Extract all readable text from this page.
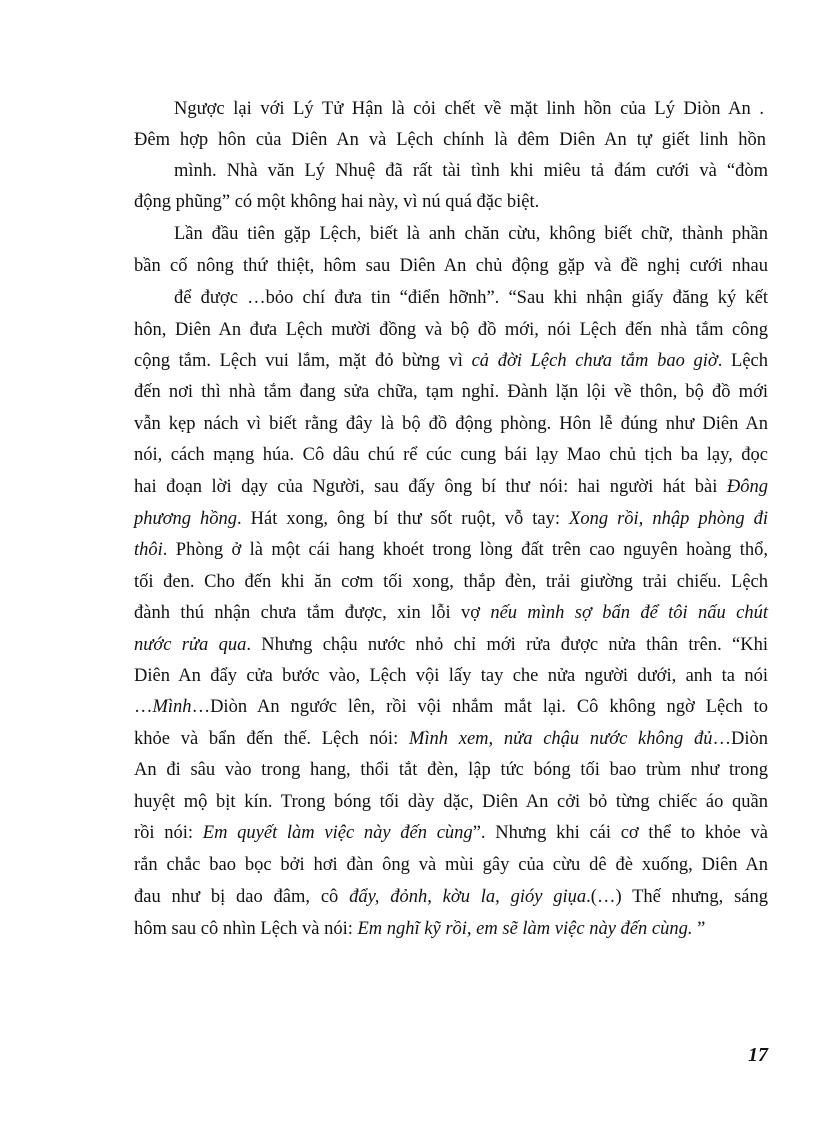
Ngược lại với Lý Tử Hận là cỏi chết về mặt linh hồn của Lý Diòn An .
Đêm hợp hôn của Diên An và Lệch chính là đêm Diên An tự giết linh hồn
mình. Nhà văn Lý Nhuệ đã rất tài tình khi miêu tả đám cưới và “đòm
động phũng” có một không hai này, vì nú quá đặc biệt.
Lần đầu tiên gặp Lệch, biết là anh chăn cừu, không biết chữ, thành phần
bần cố nông thứ thiệt, hôm sau Diên An chủ động gặp và đề nghị cưới nhau
để được …bỏo chí đưa tin “điển hỡnh”. “Sau khi nhận giấy đăng ký kết
hôn, Diên An đưa Lệch mười đồng và bộ đồ mới, nói Lệch đến nhà tắm công
cộng tắm. Lệch vui lắm, mặt đỏ bừng vì cả đời Lệch chưa tắm bao giờ. Lệch
đến nơi thì nhà tắm đang sửa chữa, tạm nghỉ. Đành lặn lội về thôn, bộ đồ mới
vẫn kẹp nách vì biết rằng đây là bộ đồ động phòng. Hôn lễ đúng như Diên An
nói, cách mạng húa. Cô dâu chú rể cúc cung bái lạy Mao chủ tịch ba lạy, đọc
hai đoạn lời dạy của Người, sau đấy ông bí thư nói: hai người hát bài Đông
phương hồng. Hát xong, ông bí thư sốt ruột, vỗ tay: Xong rồi, nhập phòng đi
thôi. Phòng ở là một cái hang khoét trong lòng đất trên cao nguyên hoàng thổ,
tối đen. Cho đến khi ăn cơm tối xong, thắp đèn, trải giường trải chiếu. Lệch
đành thú nhận chưa tắm được, xin lỗi vợ nếu mình sợ bẩn để tôi nấu chút
nước rửa qua. Nhưng chậu nước nhỏ chỉ mới rửa được nửa thân trên. “Khi
Diên An đẩy cửa bước vào, Lệch vội lấy tay che nửa người dưới, anh ta nói
…Mình…Diòn An ngước lên, rồi vội nhắm mắt lại. Cô không ngờ Lệch to
khỏe và bẩn đến thế. Lệch nói: Mình xem, nửa chậu nước không đủ…Diòn
An đi sâu vào trong hang, thổi tắt đèn, lập tức bóng tối bao trùm như trong
huyệt mộ bịt kín. Trong bóng tối dày dặc, Diên An cởi bỏ từng chiếc áo quần
rồi nói: Em quyết làm việc này đến cùng”. Nhưng khi cái cơ thể to khỏe và
rắn chắc bao bọc bởi hơi đàn ông và mùi gây của cừu dê đè xuống, Diên An
đau như bị dao đâm, cô đẩy, đỏnh, kờu la, gióy giụa.(…) Thế nhưng, sáng
hôm sau cô nhìn Lệch và nói: Em nghĩ kỹ rồi, em sẽ làm việc này đến cùng. ”
17
